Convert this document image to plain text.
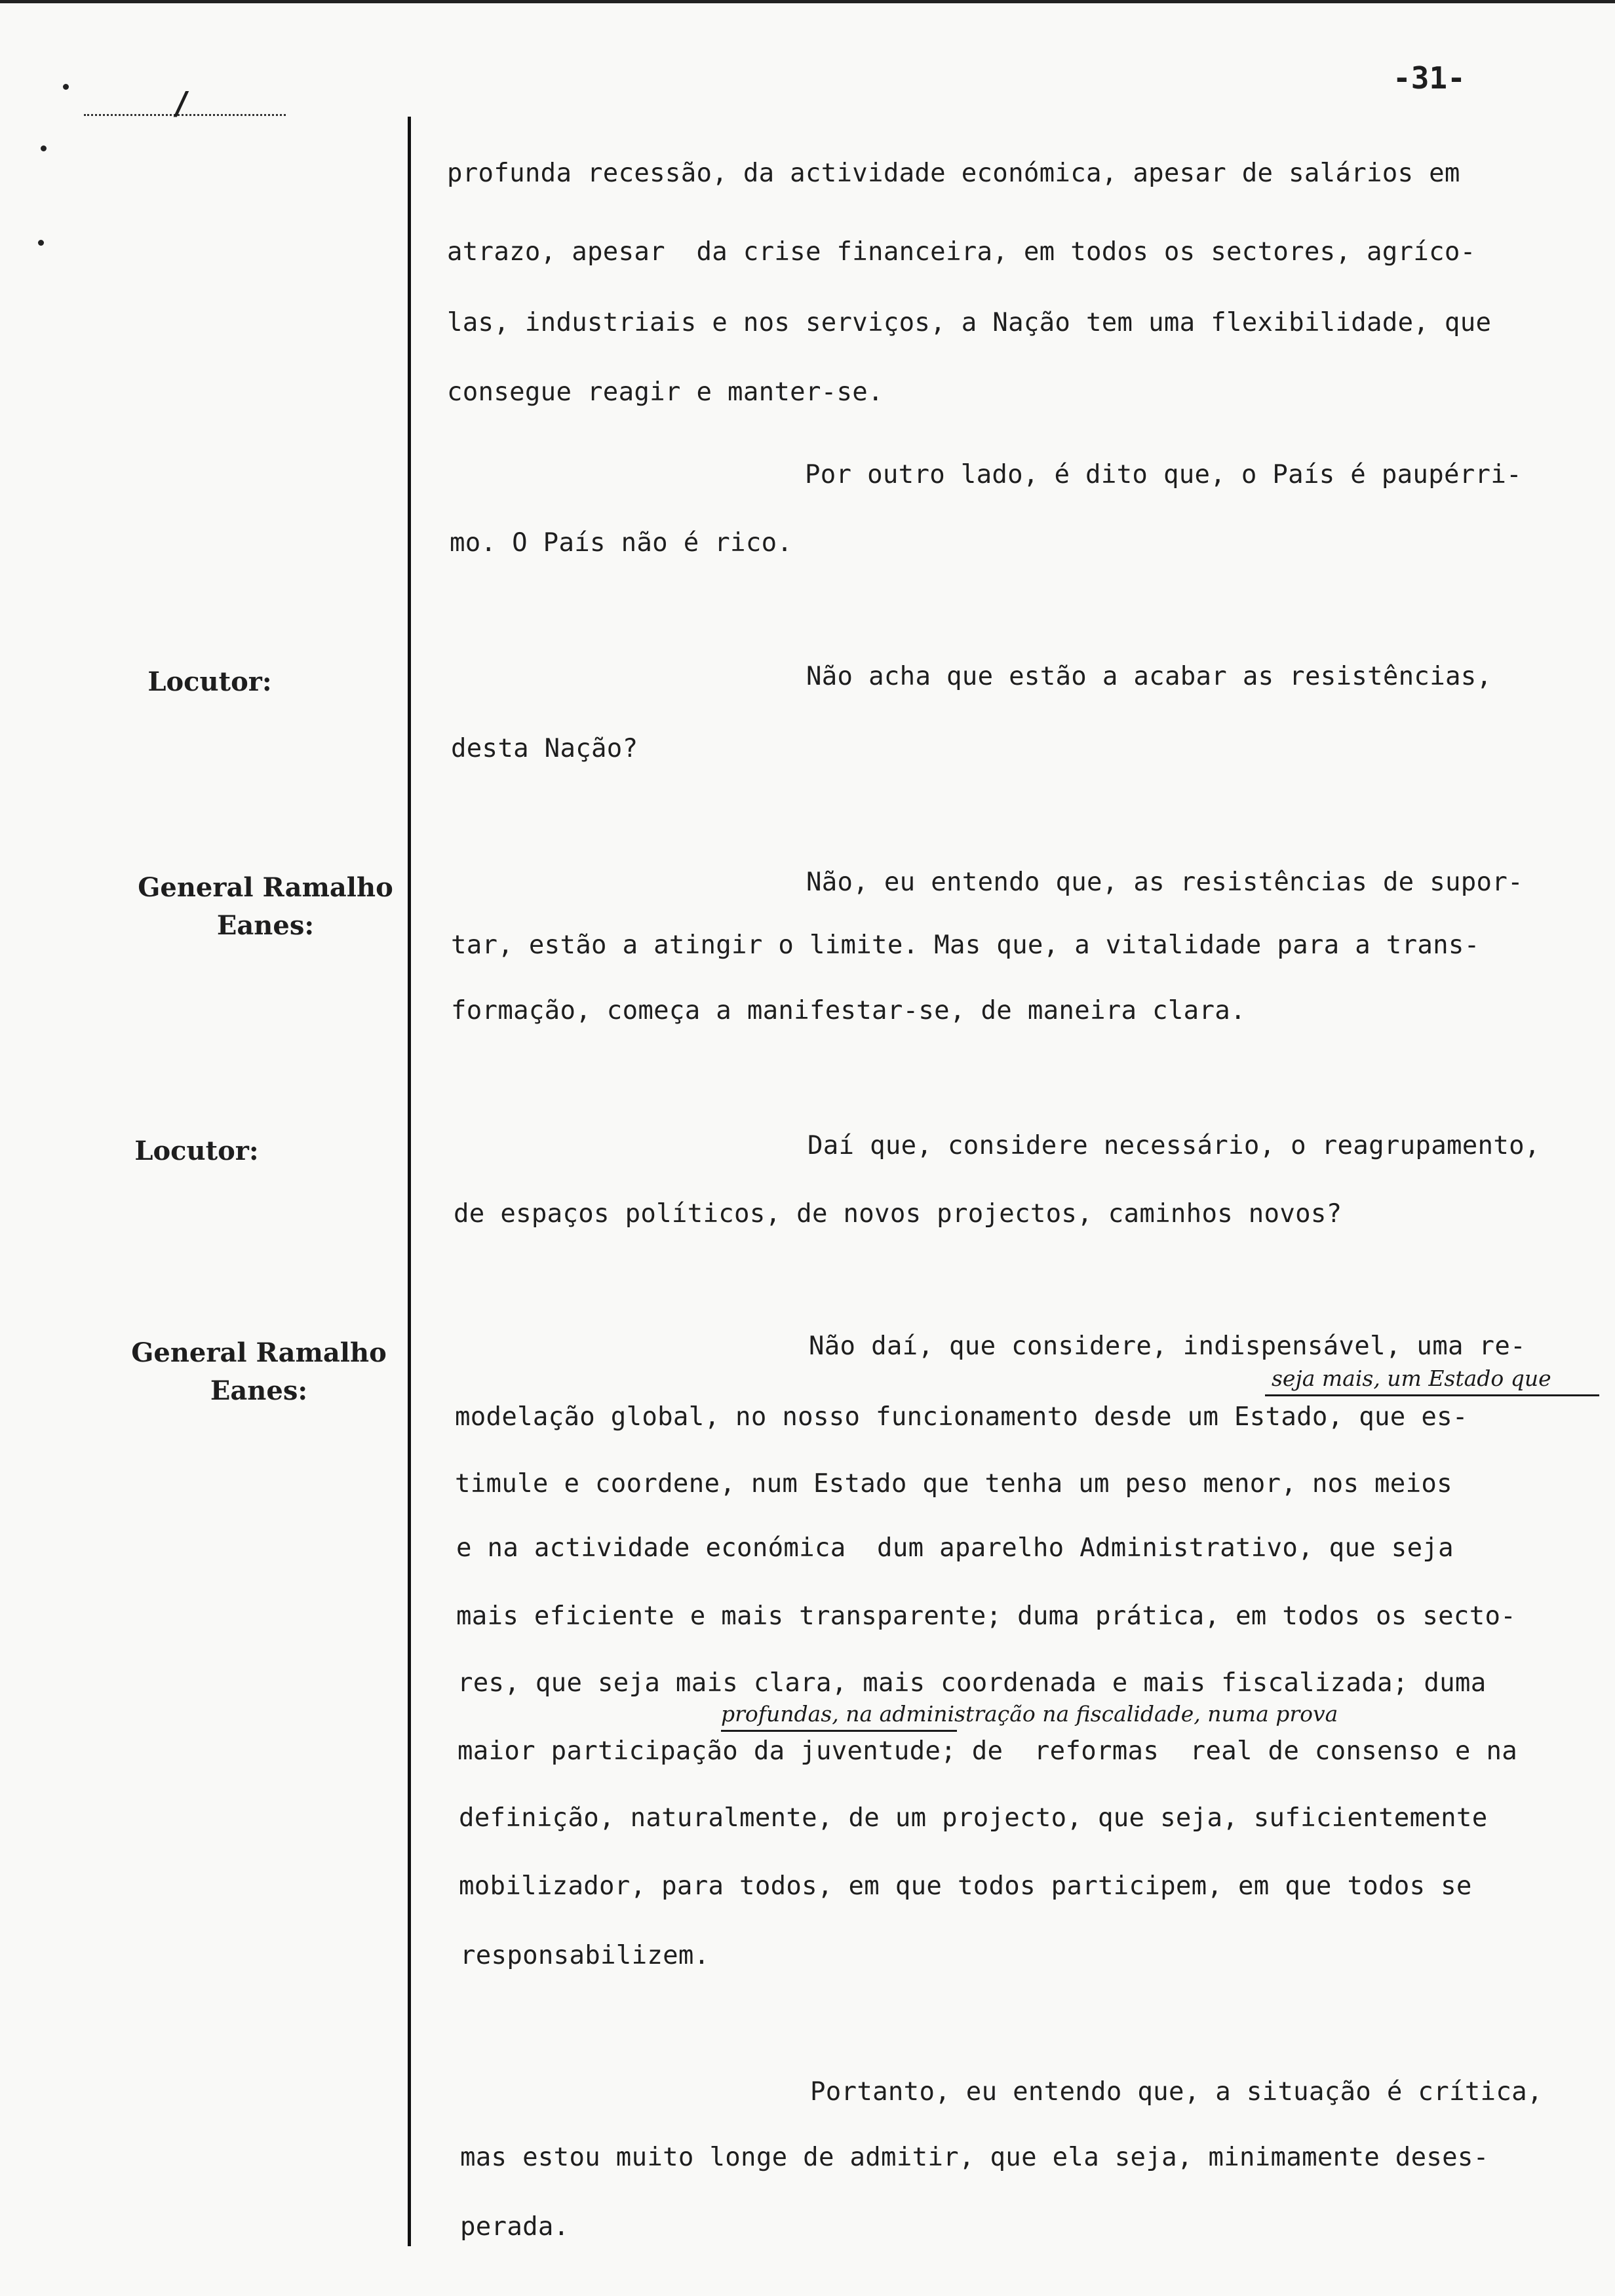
-31-
/
Locutor:
General Ramalho Eanes:
Locutor:
General Ramalho Eanes:
profunda recessão, da actividade económica, apesar de salários em
atrazo, apesar  da crise financeira, em todos os sectores, agríco-
las, industriais e nos serviços, a Nação tem uma flexibilidade, que
consegue reagir e manter-se.
Por outro lado, é dito que, o País é paupérri-
mo. O País não é rico.
Não acha que estão a acabar as resistências,
desta Nação?
Não, eu entendo que, as resistências de supor-
tar, estão a atingir o limite. Mas que, a vitalidade para a trans-
formação, começa a manifestar-se, de maneira clara.
Daí que, considere necessário, o reagrupamento,
de espaços políticos, de novos projectos, caminhos novos?
Não daí, que considere, indispensável, uma re-
seja mais, um Estado que
modelação global, no nosso funcionamento desde um Estado, que es-
timule e coordene, num Estado que tenha um peso menor, nos meios
e na actividade económica  dum aparelho Administrativo, que seja
mais eficiente e mais transparente; duma prática, em todos os secto-
res, que seja mais clara, mais coordenada e mais fiscalizada; duma
profundas, na administração na fiscalidade, numa prova
maior participação da juventude; de  reformas  real de consenso e na
definição, naturalmente, de um projecto, que seja, suficientemente
mobilizador, para todos, em que todos participem, em que todos se
responsabilizem.
Portanto, eu entendo que, a situação é crítica,
mas estou muito longe de admitir, que ela seja, minimamente deses-
perada.
